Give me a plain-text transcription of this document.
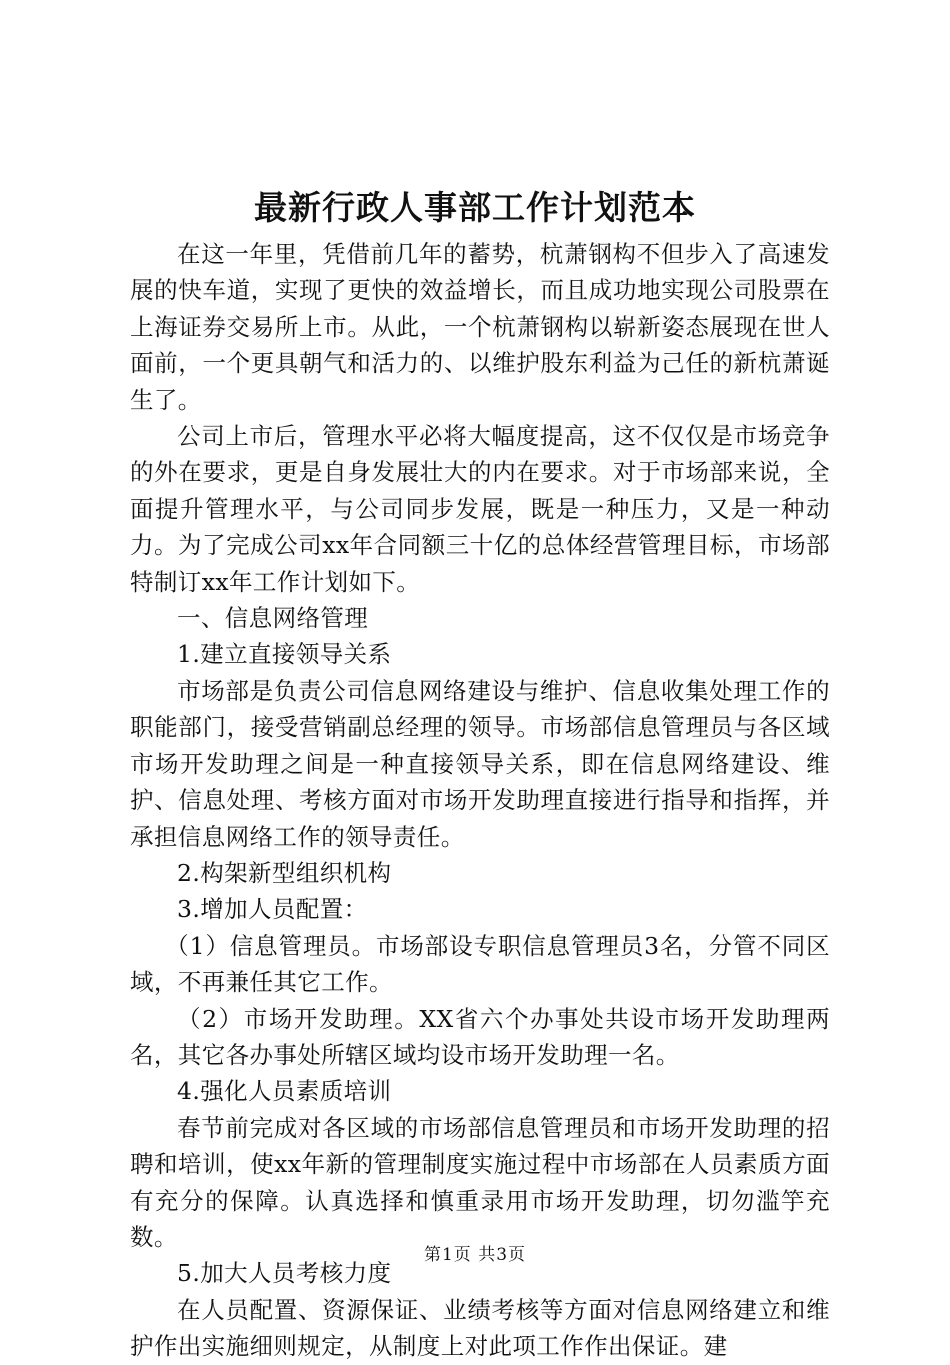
最新行政人事部工作计划范本

在这一年里，凭借前几年的蓄势，杭萧钢构不但步入了高速发展的快车道，实现了更快的效益增长，而且成功地实现公司股票在上海证券交易所上市。从此，一个杭萧钢构以崭新姿态展现在世人面前，一个更具朝气和活力的、以维护股东利益为己任的新杭萧诞生了。

公司上市后，管理水平必将大幅度提高，这不仅仅是市场竞争的外在要求，更是自身发展壮大的内在要求。对于市场部来说，全面提升管理水平，与公司同步发展，既是一种压力，又是一种动力。为了完成公司xx年合同额三十亿的总体经营管理目标，市场部特制订xx年工作计划如下。

一、信息网络管理

1.建立直接领导关系

市场部是负责公司信息网络建设与维护、信息收集处理工作的职能部门，接受营销副总经理的领导。市场部信息管理员与各区域市场开发助理之间是一种直接领导关系，即在信息网络建设、维护、信息处理、考核方面对市场开发助理直接进行指导和指挥，并承担信息网络工作的领导责任。

2.构架新型组织机构

3.增加人员配置：

（1）信息管理员。市场部设专职信息管理员3名，分管不同区域，不再兼任其它工作。

（2）市场开发助理。XX省六个办事处共设市场开发助理两名，其它各办事处所辖区域均设市场开发助理一名。

4.强化人员素质培训

春节前完成对各区域的市场部信息管理员和市场开发助理的招聘和培训，使xx年新的管理制度实施过程中市场部在人员素质方面有充分的保障。认真选择和慎重录用市场开发助理，切勿滥竽充数。

5.加大人员考核力度

在人员配置、资源保证、业绩考核等方面对信息网络建立和维护作出实施细则规定，从制度上对此项工作作出保证。建

第1页 共3页
